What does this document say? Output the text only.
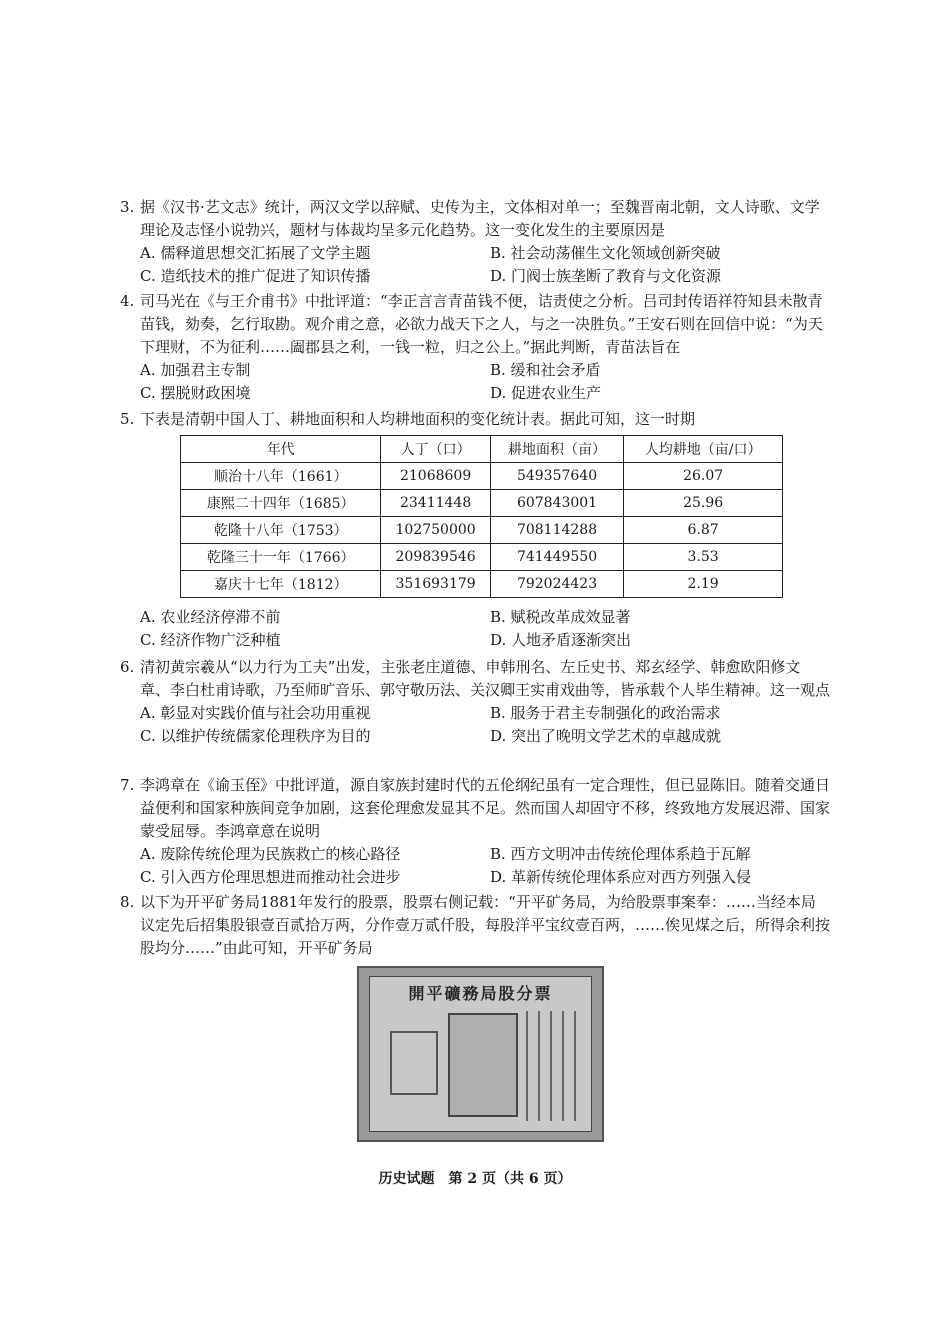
3. 据《汉书·艺文志》统计，两汉文学以辞赋、史传为主，文体相对单一；至魏晋南北朝，文人诗歌、文学理论及志怪小说勃兴，题材与体裁均呈多元化趋势。这一变化发生的主要原因是

A. 儒释道思想交汇拓展了文学主题	B. 社会动荡催生文化领域创新突破
C. 造纸技术的推广促进了知识传播	D. 门阀士族垄断了教育与文化资源

4. 司马光在《与王介甫书》中批评道：“李正言言青苗钱不便，诘责使之分析。吕司封传语祥符知县未散青苗钱，劾奏，乞行取勘。观介甫之意，必欲力战天下之人，与之一决胜负。”王安石则在回信中说：“为天下理财，不为征利……阖郡县之利，一钱一粒，归之公上。”据此判断，青苗法旨在

A. 加强君主专制	B. 缓和社会矛盾
C. 摆脱财政困境	D. 促进农业生产

5. 下表是清朝中国人丁、耕地面积和人均耕地面积的变化统计表。据此可知，这一时期

年代	人丁（口）	耕地面积（亩）	人均耕地（亩/口）
顺治十八年（1661）	21068609	549357640	26.07
康熙二十四年（1685）	23411448	607843001	25.96
乾隆十八年（1753）	102750000	708114288	6.87
乾隆三十一年（1766）	209839546	741449550	3.53
嘉庆十七年（1812）	351693179	792024423	2.19
A. 农业经济停滞不前	B. 赋税改革成效显著
C. 经济作物广泛种植	D. 人地矛盾逐渐突出

6. 清初黄宗羲从“以力行为工夫”出发，主张老庄道德、申韩刑名、左丘史书、郑玄经学、韩愈欧阳修文章、李白杜甫诗歌，乃至师旷音乐、郭守敬历法、关汉卿王实甫戏曲等，皆承载个人毕生精神。这一观点

A. 彰显对实践价值与社会功用重视	B. 服务于君主专制强化的政治需求
C. 以维护传统儒家伦理秩序为目的	D. 突出了晚明文学艺术的卓越成就

7. 李鸿章在《谕玉侄》中批评道，源自家族封建时代的五伦纲纪虽有一定合理性，但已显陈旧。随着交通日益便利和国家种族间竞争加剧，这套伦理愈发显其不足。然而国人却固守不移，终致地方发展迟滞、国家蒙受屈辱。李鸿章意在说明

A. 废除传统伦理为民族救亡的核心路径	B. 西方文明冲击传统伦理体系趋于瓦解
C. 引入西方伦理思想进而推动社会进步	D. 革新传统伦理体系应对西方列强入侵

8. 以下为开平矿务局1881年发行的股票，股票右侧记载：“开平矿务局，为给股票事案奉：……当经本局议定先后招集股银壹百贰拾万两，分作壹万贰仟股，每股洋平宝纹壹百两，……俟见煤之后，所得余利按股均分……”由此可知，开平矿务局

開平礦務局股分票
历史试题　第 2 页（共 6 页）
